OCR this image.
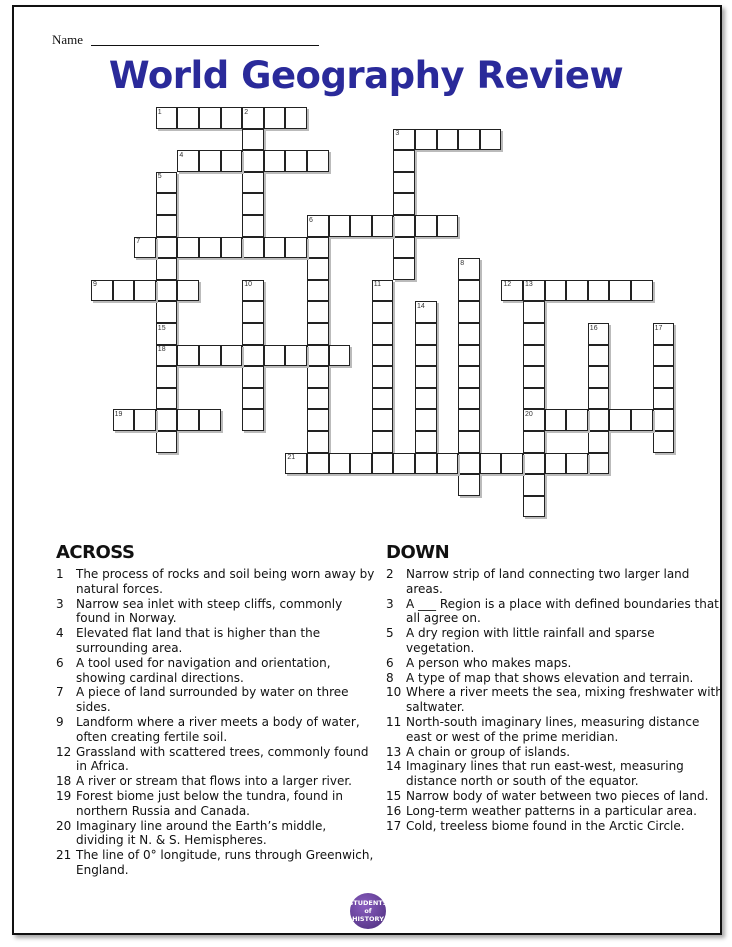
Name
World Geography Review
1	2
3
4
5
6
7
8
9	10	11	12 13
14
15	16	17
18
19	20
21
ACROSS
1 The process of rocks and soil being worn away by natural forces.
3 Narrow sea inlet with steep cliffs, commonly found in Norway.
4 Elevated flat land that is higher than the surrounding area.
6 A tool used for navigation and orientation, showing cardinal directions.
7 A piece of land surrounded by water on three sides.
9 Landform where a river meets a body of water, often creating fertile soil.
12 Grassland with scattered trees, commonly found in Africa.
18 A river or stream that flows into a larger river.
19 Forest biome just below the tundra, found in northern Russia and Canada.
20 Imaginary line around the Earth’s middle, dividing it N. & S. Hemispheres.
21 The line of 0° longitude, runs through Greenwich, England.
DOWN
2 Narrow strip of land connecting two larger land areas.
3 A ___ Region is a place with defined boundaries that all agree on.
5 A dry region with little rainfall and sparse vegetation.
6 A person who makes maps.
8 A type of map that shows elevation and terrain.
10 Where a river meets the sea, mixing freshwater with saltwater.
11 North-south imaginary lines, measuring distance east or west of the prime meridian.
13 A chain or group of islands.
14 Imaginary lines that run east-west, measuring distance north or south of the equator.
15 Narrow body of water between two pieces of land.
16 Long-term weather patterns in a particular area.
17 Cold, treeless biome found in the Arctic Circle.
STUDENTS
of
HISTORY
